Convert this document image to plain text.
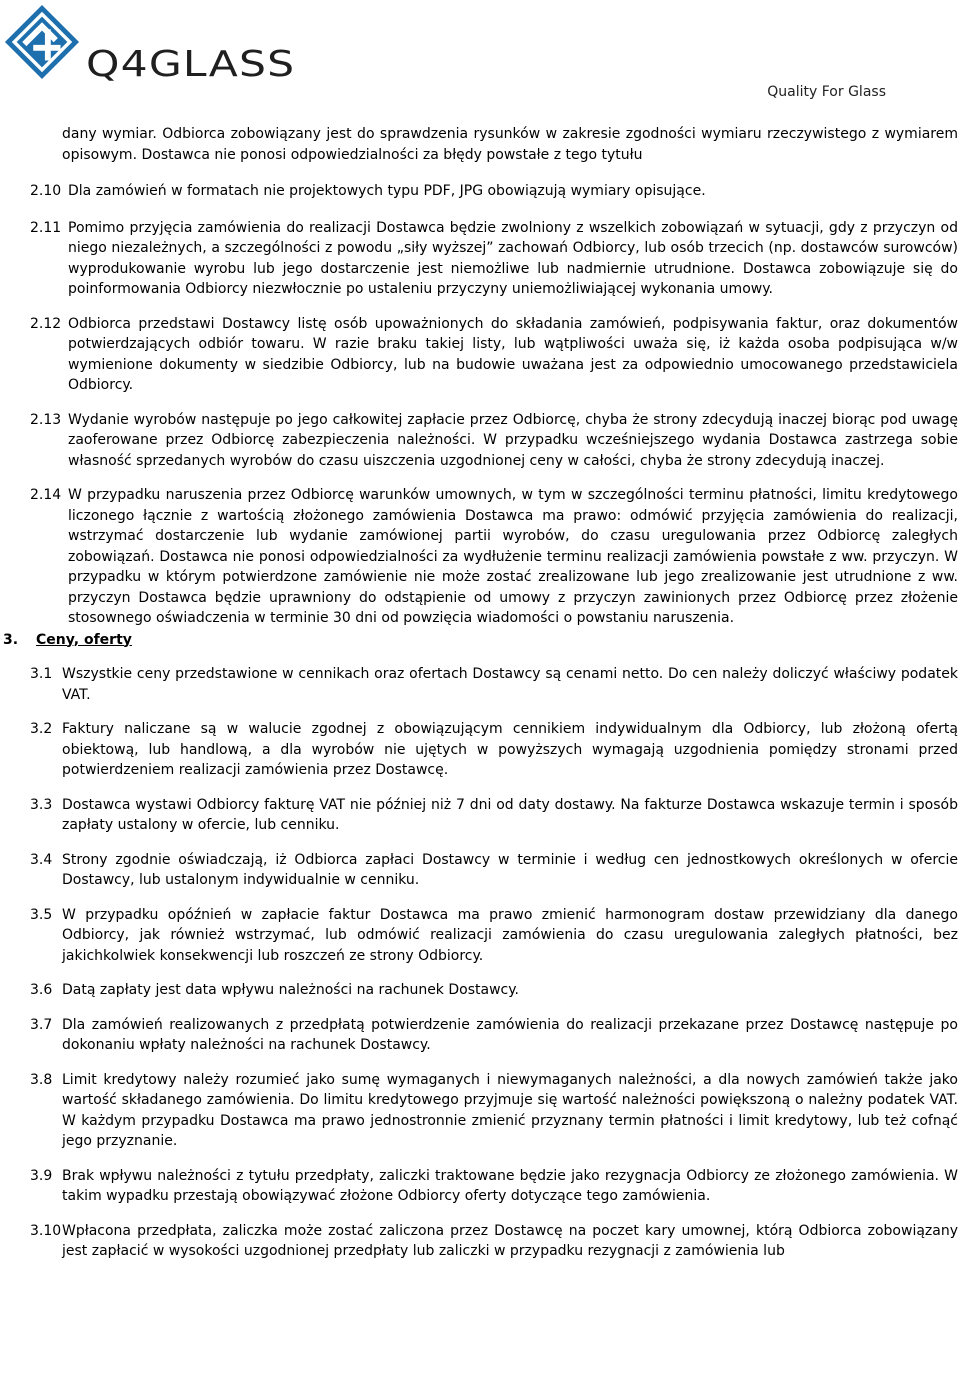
Q4GLASS
Quality For Glass
dany wymiar. Odbiorca zobowiązany jest do sprawdzenia rysunków w zakresie zgodności wymiaru rzeczywistego z wymiarem opisowym. Dostawca nie ponosi odpowiedzialności za błędy powstałe z tego tytułu
2.10 Dla zamówień w formatach nie projektowych typu PDF, JPG obowiązują wymiary opisujące.
2.11 Pomimo przyjęcia zamówienia do realizacji Dostawca będzie zwolniony z wszelkich zobowiązań w sytuacji, gdy z przyczyn od niego niezależnych, a szczególności z powodu „siły wyższej” zachowań Odbiorcy, lub osób trzecich (np. dostawców surowców) wyprodukowanie wyrobu lub jego dostarczenie jest niemożliwe lub nadmiernie utrudnione. Dostawca zobowiązuje się do poinformowania Odbiorcy niezwłocznie po ustaleniu przyczyny uniemożliwiającej wykonania umowy.
2.12 Odbiorca przedstawi Dostawcy listę osób upoważnionych do składania zamówień, podpisywania faktur, oraz dokumentów potwierdzających odbiór towaru. W razie braku takiej listy, lub wątpliwości uważa się, iż każda osoba podpisująca w/w wymienione dokumenty w siedzibie Odbiorcy, lub na budowie uważana jest za odpowiednio umocowanego przedstawiciela Odbiorcy.
2.13 Wydanie wyrobów następuje po jego całkowitej zapłacie przez Odbiorcę, chyba że strony zdecydują inaczej biorąc pod uwagę zaoferowane przez Odbiorcę zabezpieczenia należności. W przypadku wcześniejszego wydania Dostawca zastrzega sobie własność sprzedanych wyrobów do czasu uiszczenia uzgodnionej ceny w całości, chyba że strony zdecydują inaczej.
2.14 W przypadku naruszenia przez Odbiorcę warunków umownych, w tym w szczególności terminu płatności, limitu kredytowego liczonego łącznie z wartością złożonego zamówienia Dostawca ma prawo: odmówić przyjęcia zamówienia do realizacji, wstrzymać dostarczenie lub wydanie zamówionej partii wyrobów, do czasu uregulowania przez Odbiorcę zaległych zobowiązań. Dostawca nie ponosi odpowiedzialności za wydłużenie terminu realizacji zamówienia powstałe z ww. przyczyn. W przypadku w którym potwierdzone zamówienie nie może zostać zrealizowane lub jego zrealizowanie jest utrudnione z ww. przyczyn Dostawca będzie uprawniony do odstąpienie od umowy z przyczyn zawinionych przez Odbiorcę przez złożenie stosownego oświadczenia w terminie 30 dni od powzięcia wiadomości o powstaniu naruszenia.
3.	Ceny, oferty
3.1 Wszystkie ceny przedstawione w cennikach oraz ofertach Dostawcy są cenami netto. Do cen należy doliczyć właściwy podatek VAT.
3.2 Faktury naliczane są w walucie zgodnej z obowiązującym cennikiem indywidualnym dla Odbiorcy, lub złożoną ofertą obiektową, lub handlową, a dla wyrobów nie ujętych w powyższych wymagają uzgodnienia pomiędzy stronami przed potwierdzeniem realizacji zamówienia przez Dostawcę.
3.3 Dostawca wystawi Odbiorcy fakturę VAT nie później niż 7 dni od daty dostawy. Na fakturze Dostawca wskazuje termin i sposób zapłaty ustalony w ofercie, lub cenniku.
3.4 Strony zgodnie oświadczają, iż Odbiorca zapłaci Dostawcy w terminie i według cen jednostkowych określonych w ofercie Dostawcy, lub ustalonym indywidualnie w cenniku.
3.5 W przypadku opóźnień w zapłacie faktur Dostawca ma prawo zmienić harmonogram dostaw przewidziany dla danego Odbiorcy, jak również wstrzymać, lub odmówić realizacji zamówienia do czasu uregulowania zaległych płatności, bez jakichkolwiek konsekwencji lub roszczeń ze strony Odbiorcy.
3.6 Datą zapłaty jest data wpływu należności na rachunek Dostawcy.
3.7 Dla zamówień realizowanych z przedpłatą potwierdzenie zamówienia do realizacji przekazane przez Dostawcę następuje po dokonaniu wpłaty należności na rachunek Dostawcy.
3.8 Limit kredytowy należy rozumieć jako sumę wymaganych i niewymaganych należności, a dla nowych zamówień także jako wartość składanego zamówienia. Do limitu kredytowego przyjmuje się wartość należności powiększoną o należny podatek VAT. W każdym przypadku Dostawca ma prawo jednostronnie zmienić przyznany termin płatności i limit kredytowy, lub też cofnąć jego przyznanie.
3.9 Brak wpływu należności z tytułu przedpłaty, zaliczki traktowane będzie jako rezygnacja Odbiorcy ze złożonego zamówienia. W takim wypadku przestają obowiązywać złożone Odbiorcy oferty dotyczące tego zamówienia.
3.10 Wpłacona przedpłata, zaliczka może zostać zaliczona przez Dostawcę na poczet kary umownej, którą Odbiorca zobowiązany jest zapłacić w wysokości uzgodnionej przedpłaty lub zaliczki w przypadku rezygnacji z zamówienia lub
